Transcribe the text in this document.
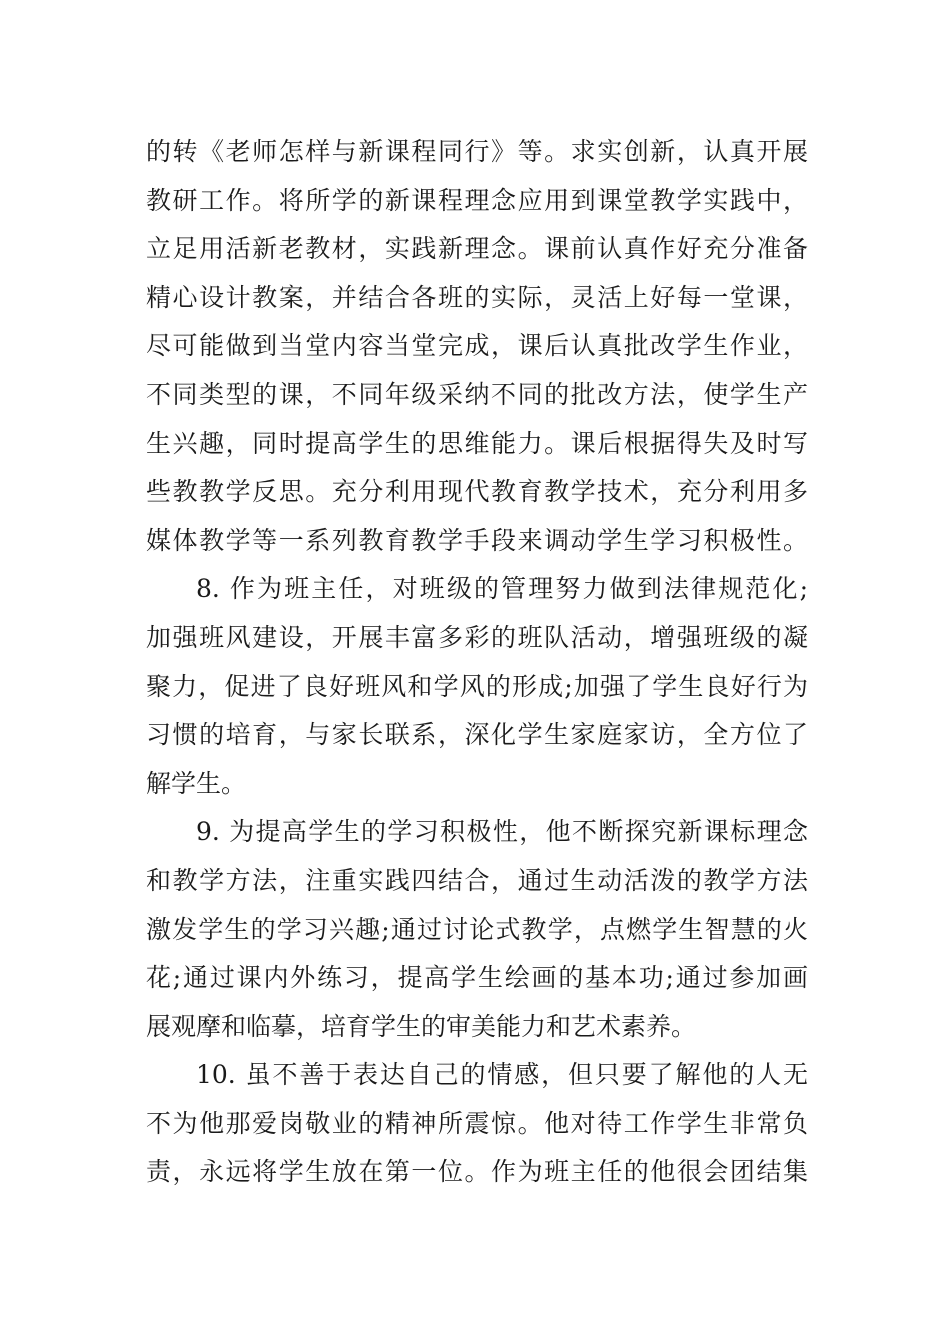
的转《老师怎样与新课程同行》等。求实创新，认真开展
教研工作。将所学的新课程理念应用到课堂教学实践中，
立足用活新老教材，实践新理念。课前认真作好充分准备
精心设计教案，并结合各班的实际，灵活上好每一堂课，
尽可能做到当堂内容当堂完成，课后认真批改学生作业，
不同类型的课，不同年级采纳不同的批改方法，使学生产
生兴趣，同时提高学生的思维能力。课后根据得失及时写
些教教学反思。充分利用现代教育教学技术，充分利用多
媒体教学等一系列教育教学手段来调动学生学习积极性。
8. 作为班主任，对班级的管理努力做到法律规范化;
加强班风建设，开展丰富多彩的班队活动，增强班级的凝
聚力，促进了良好班风和学风的形成;加强了学生良好行为
习惯的培育，与家长联系，深化学生家庭家访，全方位了
解学生。
9. 为提高学生的学习积极性，他不断探究新课标理念
和教学方法，注重实践四结合，通过生动活泼的教学方法
激发学生的学习兴趣;通过讨论式教学，点燃学生智慧的火
花;通过课内外练习，提高学生绘画的基本功;通过参加画
展观摩和临摹，培育学生的审美能力和艺术素养。
10. 虽不善于表达自己的情感，但只要了解他的人无
不为他那爱岗敬业的精神所震惊。他对待工作学生非常负
责，永远将学生放在第一位。作为班主任的他很会团结集
